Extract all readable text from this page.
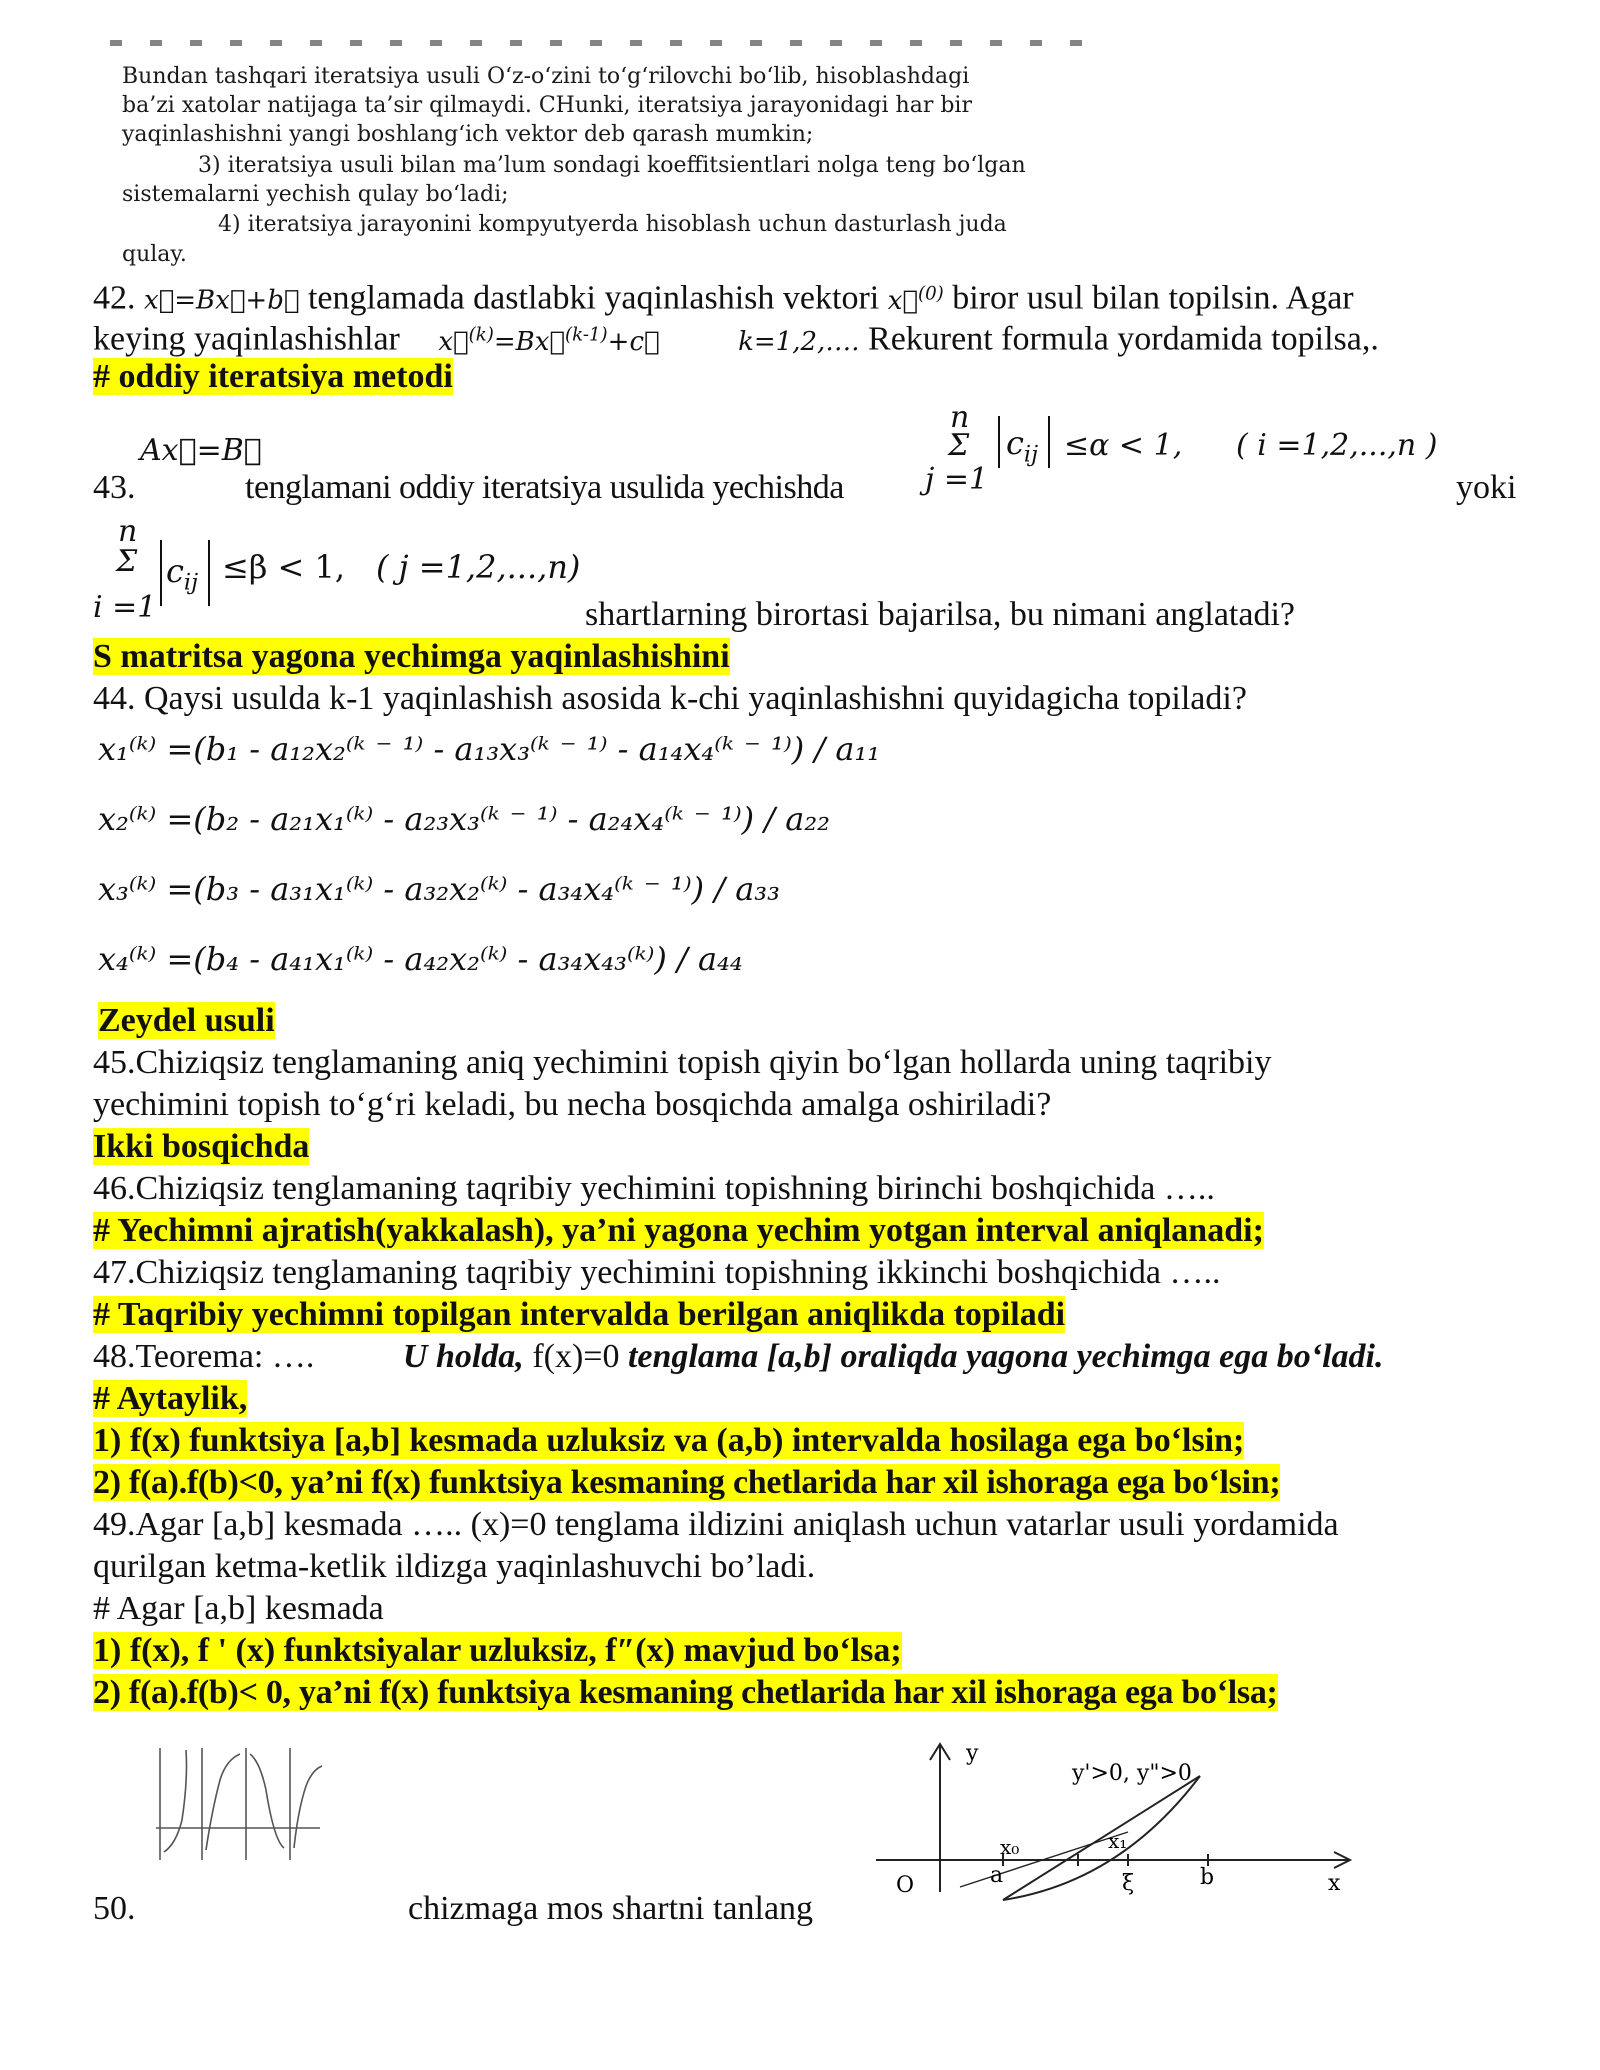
Bundan tashqari iteratsiya usuli O‘z-o‘zini to‘g‘rilovchi bo‘lib, hisoblashdagi
ba’zi xatolar natijaga ta’sir qilmaydi. CHunki, iteratsiya jarayonidagi har bir
yaqinlashishni yangi boshlang‘ich vektor deb qarash mumkin;
3) iteratsiya usuli bilan ma’lum sondagi koeffitsientlari nolga teng bo‘lgan
sistemalarni yechish qulay bo‘ladi;
4) iteratsiya jarayonini kompyutyerda hisoblash uchun dasturlash juda
qulay.
42. x⃗=Bx⃗+b⃗ tenglamada dastlabki yaqinlashish vektori x⃗$^{(0)}$ biror usul bilan topilsin. Agar
keying yaqinlashishlar x⃗$^{(k)}$=Bx⃗$^{(k-1)}$+c⃗	k=1,2,…. Rekurent formula yordamida topilsa,.
# oddiy iteratsiya metodi
Ax⃗=B⃗
43.	tenglamani oddiy iteratsiya usulida yechishda
n
Σ
j =1
$c_{ij} \le\alpha < 1$, ( i =1,2,...,n )
yoki
n
Σ
i =1
$c_{ij} \le\beta < 1$, ( j =1,2,...,n)
shartlarning birortasi bajarilsa, bu nimani anglatadi?
S matritsa yagona yechimga yaqinlashishini
44. Qaysi usulda k-1 yaqinlashish asosida k-chi yaqinlashishni quyidagicha topiladi?
x₁⁽ᵏ⁾ =(b₁ - a₁₂x₂⁽ᵏ ⁻ ¹⁾ - a₁₃x₃⁽ᵏ ⁻ ¹⁾ - a₁₄x₄⁽ᵏ ⁻ ¹⁾) / a₁₁
x₂⁽ᵏ⁾ =(b₂ - a₂₁x₁⁽ᵏ⁾ - a₂₃x₃⁽ᵏ ⁻ ¹⁾ - a₂₄x₄⁽ᵏ ⁻ ¹⁾) / a₂₂
x₃⁽ᵏ⁾ =(b₃ - a₃₁x₁⁽ᵏ⁾ - a₃₂x₂⁽ᵏ⁾ - a₃₄x₄⁽ᵏ ⁻ ¹⁾) / a₃₃
x₄⁽ᵏ⁾ =(b₄ - a₄₁x₁⁽ᵏ⁾ - a₄₂x₂⁽ᵏ⁾ - a₃₄x₄₃⁽ᵏ⁾) / a₄₄
Zeydel usuli
45.Chiziqsiz tenglamaning aniq yechimini topish qiyin bo‘lgan hollarda uning taqribiy
yechimini topish to‘g‘ri keladi, bu necha bosqichda amalga oshiriladi?
Ikki bosqichda
46.Chiziqsiz tenglamaning taqribiy yechimini topishning birinchi boshqichida …..
# Yechimni ajratish(yakkalash), ya’ni yagona yechim yotgan interval aniqlanadi;
47.Chiziqsiz tenglamaning taqribiy yechimini topishning ikkinchi boshqichida …..
# Taqribiy yechimni topilgan intervalda berilgan aniqlikda topiladi
48.Teorema: ….	U holda, f(x)=0 tenglama [a,b] oraliqda yagona yechimga ega bo‘ladi.
# Aytaylik,
1) f(x) funktsiya [a,b] kesmada uzluksiz va (a,b) intervalda hosilaga ega bo‘lsin;
2) f(a).f(b)<0, ya’ni f(x) funktsiya kesmaning chetlarida har xil ishoraga ega bo‘lsin;
49.Agar [a,b] kesmada ….. (x)=0 tenglama ildizini aniqlash uchun vatarlar usuli yordamida
qurilgan ketma-ketlik ildizga yaqinlashuvchi bo’ladi.
# Agar [a,b] kesmada
1) f(x), f ' (x) funktsiyalar uzluksiz, f″(x) mavjud bo‘lsa;
2) f(a).f(b)< 0, ya’ni f(x) funktsiya kesmaning chetlarida har xil ishoraga ega bo‘lsa;
50.	chizmaga mos shartni tanlang
y
y'>0, y">0
x₀	x₁
O	a	ξ	b	x
